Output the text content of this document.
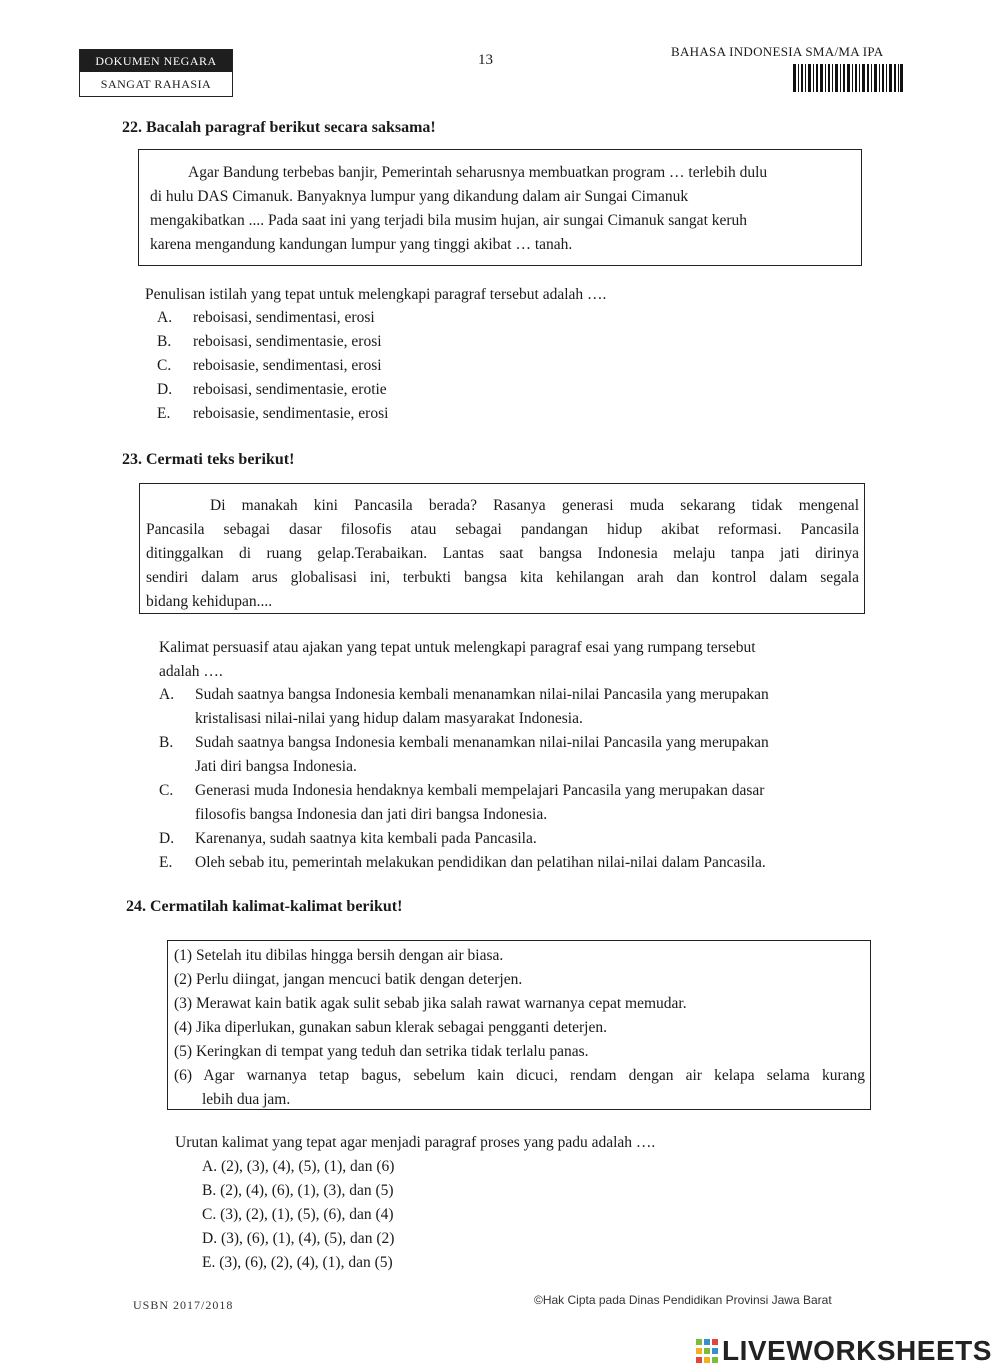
DOKUMEN NEGARA
SANGAT RAHASIA
13
BAHASA INDONESIA SMA/MA IPA
22. Bacalah paragraf berikut secara saksama!
Agar Bandung terbebas banjir, Pemerintah seharusnya membuatkan program … terlebih dulu
di hulu DAS Cimanuk. Banyaknya lumpur yang dikandung dalam air Sungai Cimanuk
mengakibatkan .... Pada saat ini yang terjadi bila musim hujan, air sungai Cimanuk sangat keruh
karena mengandung kandungan lumpur yang tinggi akibat … tanah.
Penulisan istilah yang tepat untuk melengkapi paragraf tersebut adalah ….
A. reboisasi, sendimentasi, erosi
B. reboisasi, sendimentasie, erosi
C. reboisasie, sendimentasi, erosi
D. reboisasi, sendimentasie, erotie
E. reboisasie, sendimentasie, erosi
23. Cermati teks berikut!
Di manakah kini Pancasila berada? Rasanya generasi muda sekarang tidak mengenal
Pancasila sebagai dasar filosofis atau sebagai pandangan hidup akibat reformasi. Pancasila
ditinggalkan di ruang gelap.Terabaikan. Lantas saat bangsa Indonesia melaju tanpa jati dirinya
sendiri dalam arus globalisasi ini, terbukti bangsa kita kehilangan arah dan kontrol dalam segala
bidang kehidupan....
Kalimat persuasif atau ajakan yang tepat untuk melengkapi paragraf esai yang rumpang tersebut
adalah ….
A. Sudah saatnya bangsa Indonesia kembali menanamkan nilai-nilai Pancasila yang merupakan
kristalisasi nilai-nilai yang hidup dalam masyarakat Indonesia.
B. Sudah saatnya bangsa Indonesia kembali menanamkan nilai-nilai Pancasila yang merupakan
Jati diri bangsa Indonesia.
C. Generasi muda Indonesia hendaknya kembali mempelajari Pancasila yang merupakan dasar
filosofis bangsa Indonesia dan jati diri bangsa Indonesia.
D. Karenanya, sudah saatnya kita kembali pada Pancasila.
E. Oleh sebab itu, pemerintah melakukan pendidikan dan pelatihan nilai-nilai dalam Pancasila.
24. Cermatilah kalimat-kalimat berikut!
(1) Setelah itu dibilas hingga bersih dengan air biasa.
(2) Perlu diingat, jangan mencuci batik dengan deterjen.
(3) Merawat kain batik agak sulit sebab jika salah rawat warnanya cepat memudar.
(4) Jika diperlukan, gunakan sabun klerak sebagai pengganti deterjen.
(5) Keringkan di tempat yang teduh dan setrika tidak terlalu panas.
(6) Agar warnanya tetap bagus, sebelum kain dicuci, rendam dengan air kelapa selama kurang
lebih dua jam.
Urutan kalimat yang tepat agar menjadi paragraf proses yang padu adalah ….
A. (2), (3), (4), (5), (1), dan (6)
B. (2), (4), (6), (1), (3), dan (5)
C. (3), (2), (1), (5), (6), dan (4)
D. (3), (6), (1), (4), (5), dan (2)
E. (3), (6), (2), (4), (1), dan (5)
USBN 2017/2018	©Hak Cipta pada Dinas Pendidikan Provinsi Jawa Barat
LIVEWORKSHEETS
